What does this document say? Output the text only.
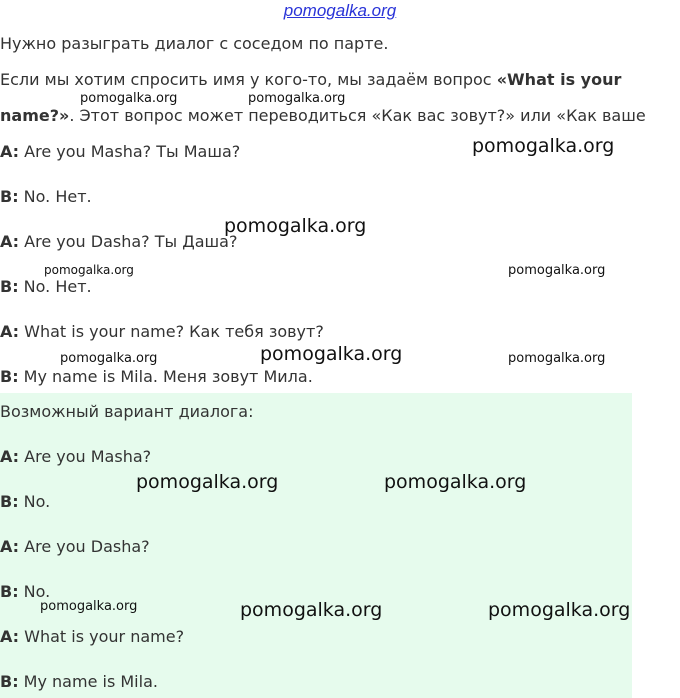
pomogalka.org
Нужно разыграть диалог с соседом по парте.
Если мы хотим спросить имя у кого-то, мы задаём вопрос «What is your
name?». Этот вопрос может переводиться «Как вас зовут?» или «Как ваше
A: Are you Masha? Ты Маша?
B: No. Нет.
A: Are you Dasha? Ты Даша?
B: No. Нет.
A: What is your name? Как тебя зовут?
B: My name is Mila. Меня зовут Мила.
Возможный вариант диалога:
A: Are you Masha?
B: No.
A: Are you Dasha?
B: No.
A: What is your name?
B: My name is Mila.
pomogalka.org	pomogalka.org
pomogalka.org
pomogalka.org
pomogalka.org	pomogalka.org
pomogalka.org	pomogalka.org	pomogalka.org
pomogalka.org	pomogalka.org
pomogalka.org	pomogalka.org	pomogalka.org
